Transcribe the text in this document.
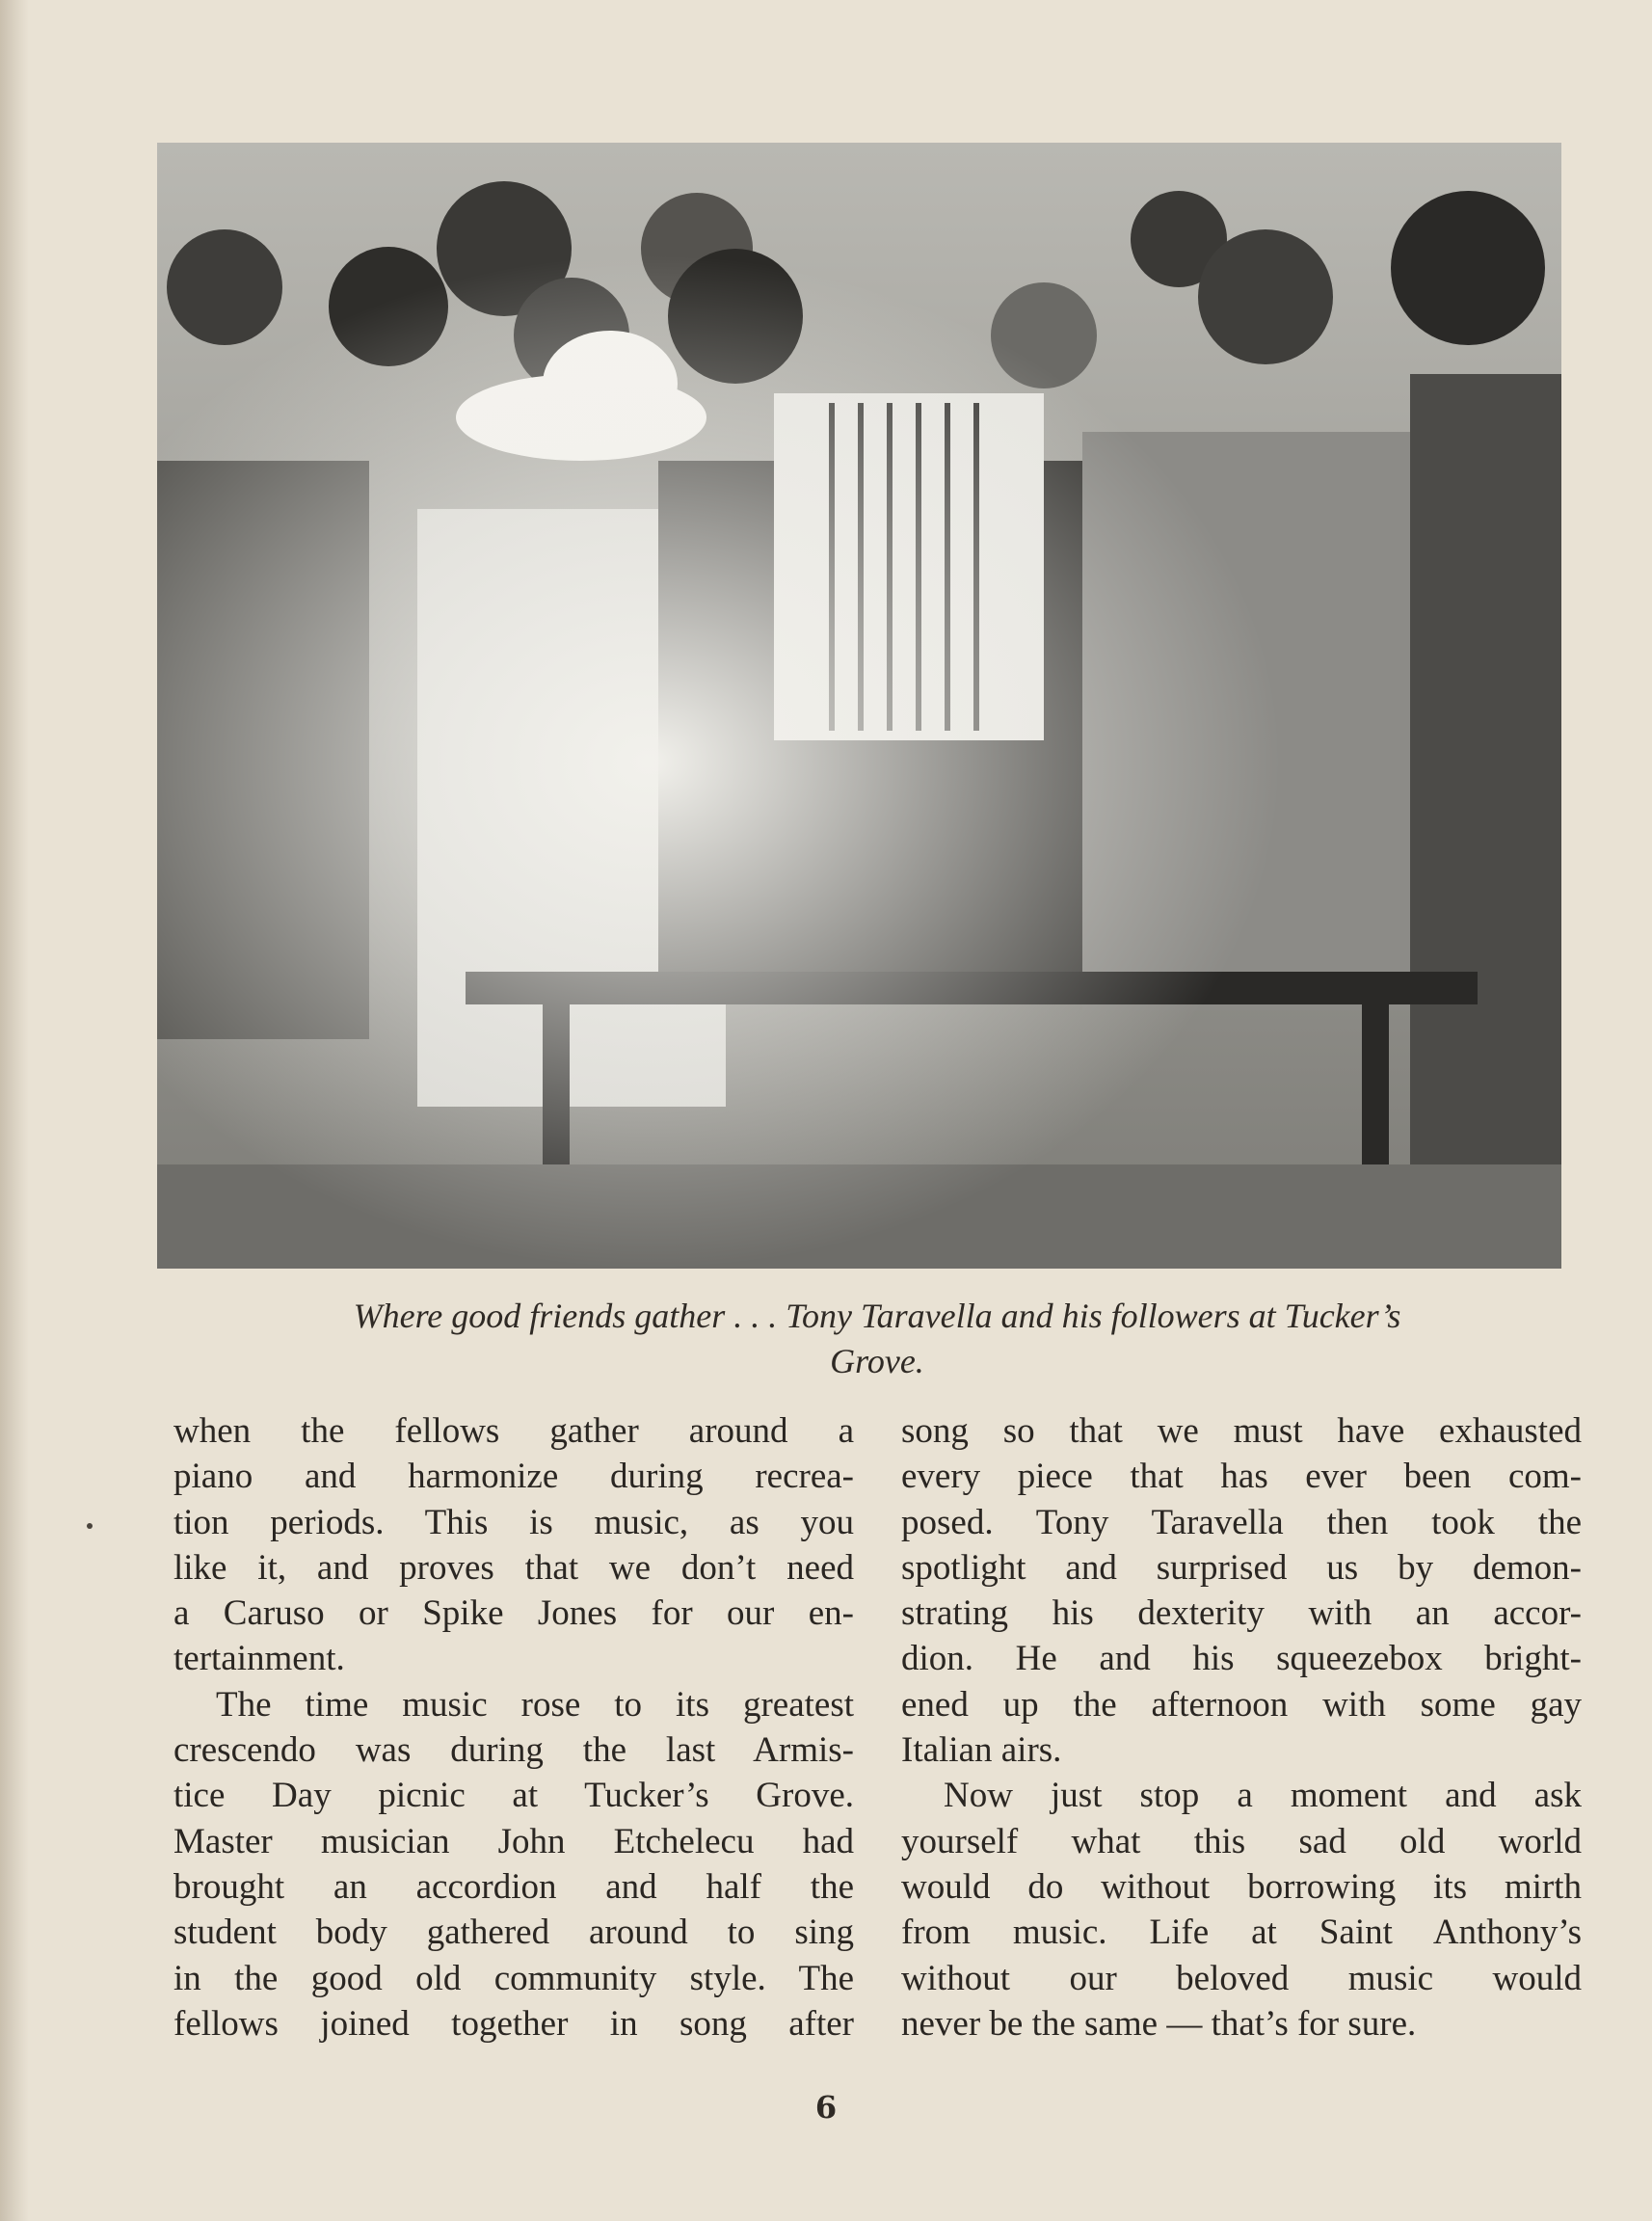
Where good friends gather . . . Tony Taravella and his followers at Tucker’s
Grove.
when the fellows gather around a
piano and harmonize during recrea-
tion periods. This is music, as you
like it, and proves that we don’t need
a Caruso or Spike Jones for our en-
tertainment.
The time music rose to its greatest
crescendo was during the last Armis-
tice Day picnic at Tucker’s Grove.
Master musician John Etchelecu had
brought an accordion and half the
student body gathered around to sing
in the good old community style. The
fellows joined together in song after
song so that we must have exhausted
every piece that has ever been com-
posed. Tony Taravella then took the
spotlight and surprised us by demon-
strating his dexterity with an accor-
dion. He and his squeezebox bright-
ened up the afternoon with some gay
Italian airs.
Now just stop a moment and ask
yourself what this sad old world
would do without borrowing its mirth
from music. Life at Saint Anthony’s
without our beloved music would
never be the same — that’s for sure.
6
